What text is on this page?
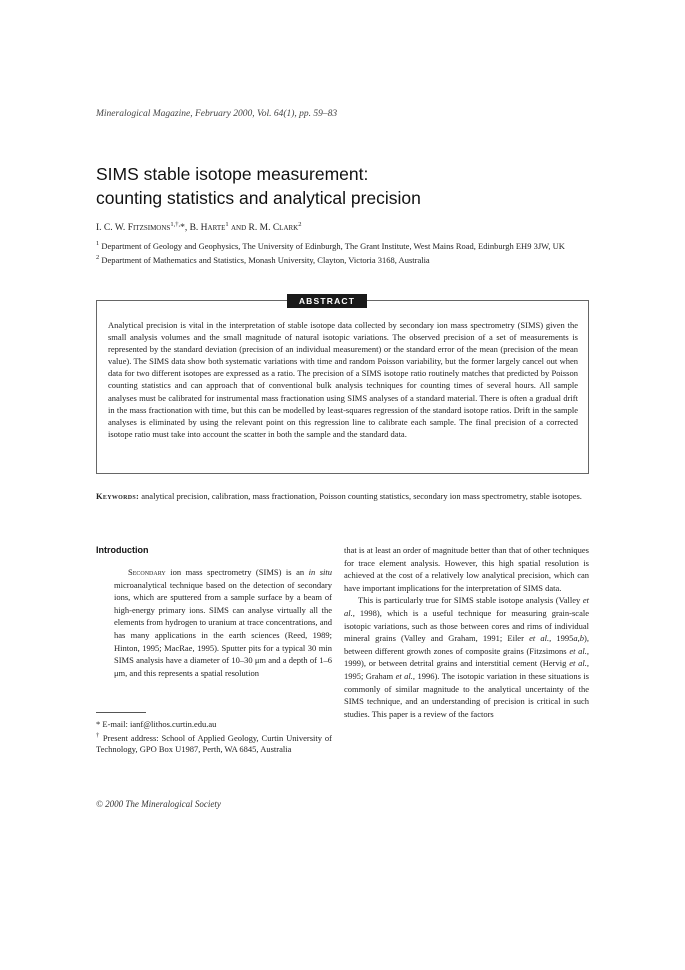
Mineralogical Magazine, February 2000, Vol. 64(1), pp. 59–83
SIMS stable isotope measurement:
counting statistics and analytical precision
I. C. W. Fitzsimons$^{1,\dagger,}$*, B. Harte$^1$ and R. M. Clark$^2$
$^1$ Department of Geology and Geophysics, The University of Edinburgh, The Grant Institute, West Mains Road, Edinburgh EH9 3JW, UK
$^2$ Department of Mathematics and Statistics, Monash University, Clayton, Victoria 3168, Australia
ABSTRACT
Analytical precision is vital in the interpretation of stable isotope data collected by secondary ion mass spectrometry (SIMS) given the small analysis volumes and the small magnitude of natural isotopic variations. The observed precision of a set of measurements is represented by the standard deviation (precision of an individual measurement) or the standard error of the mean (precision of the mean value). The SIMS data show both systematic variations with time and random Poisson variability, but the former largely cancel out when data for two different isotopes are expressed as a ratio. The precision of a SIMS isotope ratio routinely matches that predicted by Poisson counting statistics and can approach that of conventional bulk analysis techniques for counting times of several hours. All sample analyses must be calibrated for instrumental mass fractionation using SIMS analyses of a standard material. There is often a gradual drift in the mass fractionation with time, but this can be modelled by least-squares regression of the standard isotope ratios. Drift in the sample analyses is eliminated by using the relevant point on this regression line to calibrate each sample. The final precision of a corrected isotope ratio must take into account the scatter in both the sample and the standard data.
Keywords: analytical precision, calibration, mass fractionation, Poisson counting statistics, secondary ion mass spectrometry, stable isotopes.
Introduction

Secondary ion mass spectrometry (SIMS) is an in situ microanalytical technique based on the detection of secondary ions, which are sputtered from a sample surface by a beam of high-energy primary ions. SIMS can analyse virtually all the elements from hydrogen to uranium at trace concentrations, and has many applications in the earth sciences (Reed, 1989; Hinton, 1995; MacRae, 1995). Sputter pits for a typical 30 min SIMS analysis have a diameter of 10–30 μm and a depth of 1–6 μm, and this represents a spatial resolution

that is at least an order of magnitude better than that of other techniques for trace element analysis. However, this high spatial resolution is achieved at the cost of a relatively low analytical precision, which can have important implications for the interpretation of SIMS data.

This is particularly true for SIMS stable isotope analysis (Valley et al., 1998), which is a useful technique for measuring grain-scale isotopic variations, such as those between cores and rims of individual mineral grains (Valley and Graham, 1991; Eiler et al., 1995a,b), between different growth zones of composite grains (Fitzsimons et al., 1999), or between detrital grains and interstitial cement (Hervig et al., 1995; Graham et al., 1996). The isotopic variation in these situations is commonly of similar magnitude to the analytical uncertainty of the SIMS technique, and an understanding of precision is critical in such studies. This paper is a review of the factors

* E-mail: ianf@lithos.curtin.edu.au
† Present address: School of Applied Geology, Curtin University of Technology, GPO Box U1987, Perth, WA 6845, Australia
© 2000 The Mineralogical Society
